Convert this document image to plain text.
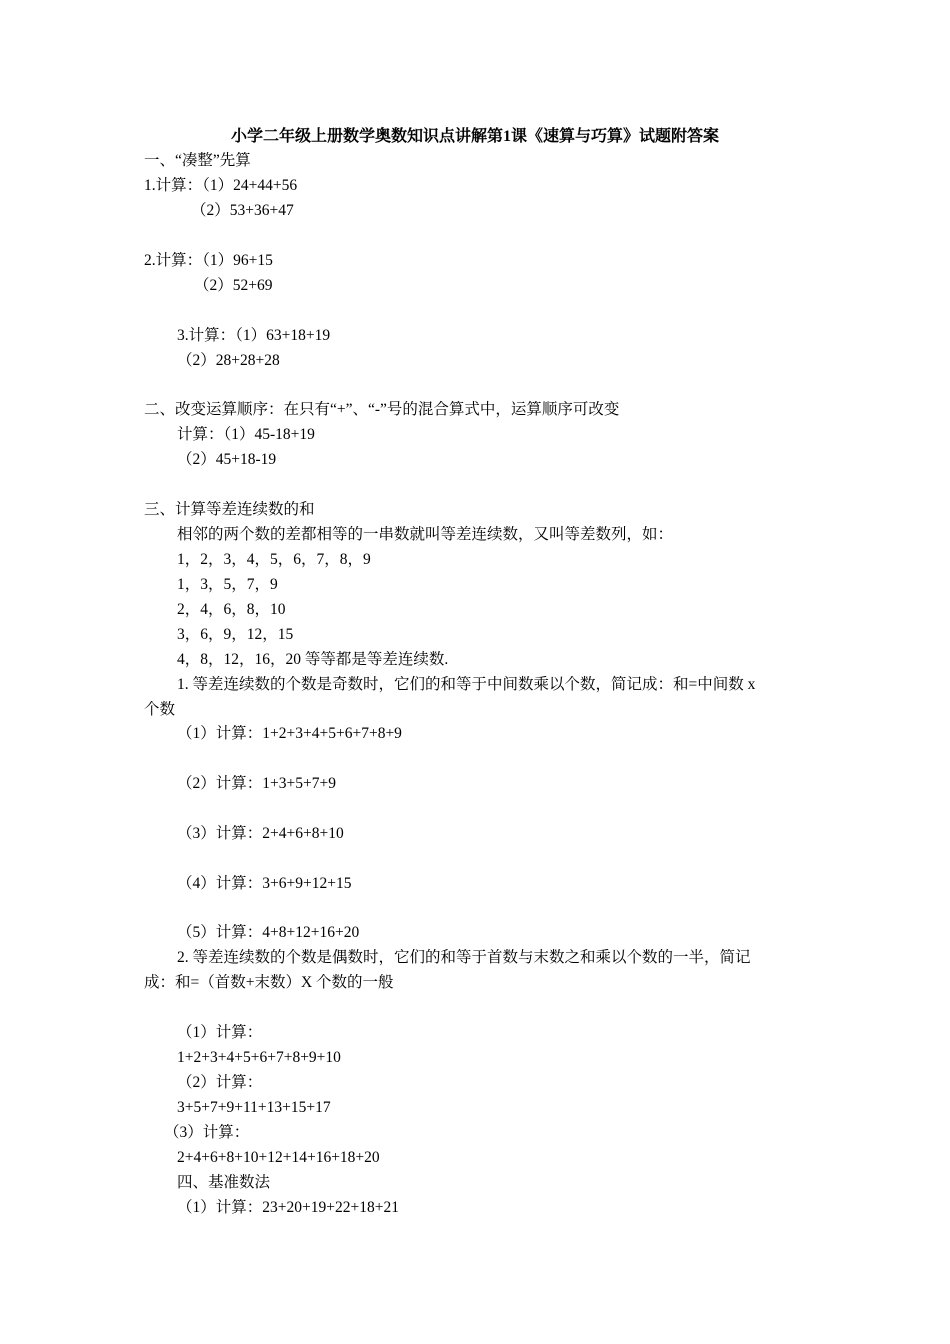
小学二年级上册数学奥数知识点讲解第1课《速算与巧算》试题附答案
一、“凑整”先算
1.计算：（1）24+44+56
（2）53+36+47
2.计算：（1）96+15
（2）52+69
3.计算：（1）63+18+19
（2）28+28+28
二、改变运算顺序：在只有“+”、“-”号的混合算式中，运算顺序可改变
计算：（1）45-18+19
（2）45+18-19
三、计算等差连续数的和
相邻的两个数的差都相等的一串数就叫等差连续数，又叫等差数列，如：
1，2，3，4，5，6，7，8，9
1，3，5，7，9
2，4，6，8，10
3，6，9，12，15
4，8，12，16，20 等等都是等差连续数.
1. 等差连续数的个数是奇数时，它们的和等于中间数乘以个数，简记成：和=中间数 x
个数
（1）计算：1+2+3+4+5+6+7+8+9
（2）计算：1+3+5+7+9
（3）计算：2+4+6+8+10
（4）计算：3+6+9+12+15
（5）计算：4+8+12+16+20
2. 等差连续数的个数是偶数时，它们的和等于首数与末数之和乘以个数的一半，简记
成：和=（首数+末数）X 个数的一般
（1）计算：
1+2+3+4+5+6+7+8+9+10
（2）计算：
3+5+7+9+11+13+15+17
（3）计算：
2+4+6+8+10+12+14+16+18+20
四、基准数法
（1）计算：23+20+19+22+18+21
